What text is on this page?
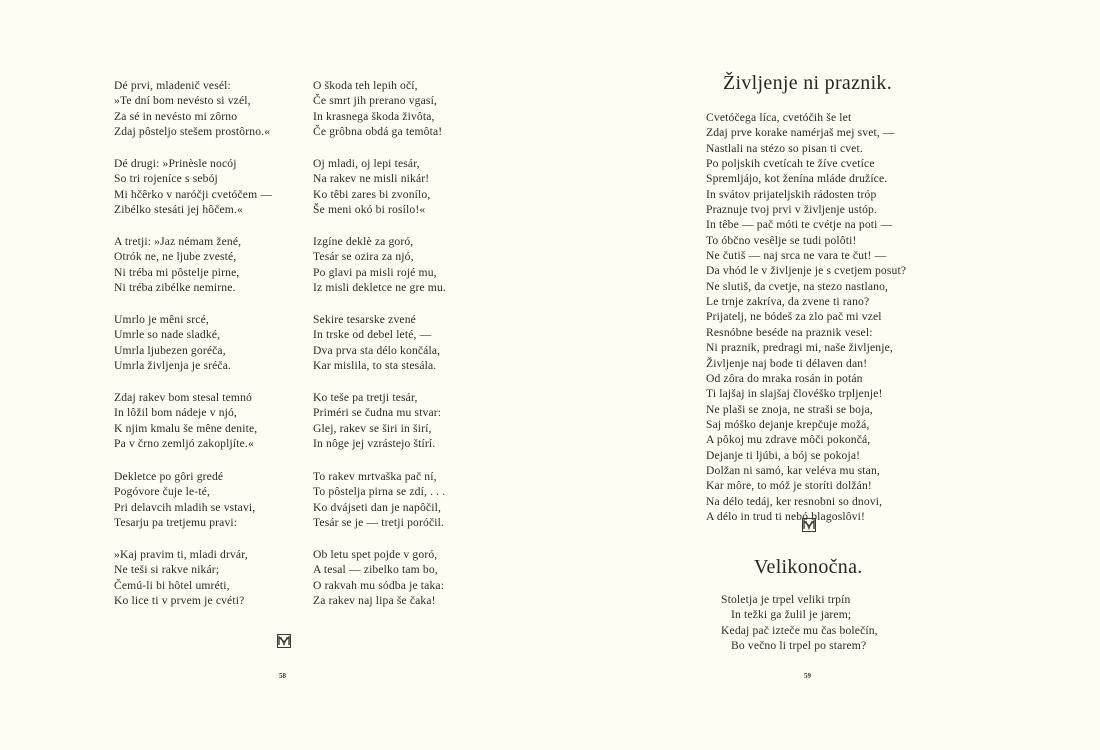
Dé prvi, mladenič vesél:
»Te dní bom nevésto si vzél,
Za sé in nevésto mi zôrno
Zdaj pôsteljo stešem prostôrno.«
Dé drugi: »Prinèsle nocój
So tri rojeníce s sebój
Mi hčêrko v naróčji cvetóčem —
Zibélko stesáti jej hôčem.«
A tretji: »Jaz némam žené,
Otrók ne, ne ljube zvesté,
Ni tréba mi pôstelje pirne,
Ni tréba zibélke nemirne.
Umrlo je mêni srcé,
Umrle so nade sladké,
Umrla ljubezen goréča,
Umrla življenja je sréča.
Zdaj rakev bom stesal temnó
In lôžil bom nádeje v njó,
K njim kmalu še mêne denite,
Pa v črno zemljó zakopljíte.«
Dekletce po gôri gredé
Pogóvore čuje le-té,
Pri delavcih mladih se vstavi,
Tesarju pa tretjemu pravi:
»Kaj pravim ti, mladi drvár,
Ne teši si rakve nikár;
Čemú-li bi hôtel umréti,
Ko lice ti v prvem je cvéti?
O škoda teh lepih očí,
Če smrt jih prerano vgasí,
In krasnega škoda živôta,
Če grôbna obdá ga temôta!
Oj mladi, oj lepi tesár,
Na rakev ne misli nikár!
Ko têbi zares bi zvonílo,
Še meni okó bi rosílo!«
Izgíne deklè za goró,
Tesár se ozira za njó,
Po glavi pa misli rojé mu,
Iz misli dekletce ne gre mu.
Sekire tesarske zvené
In trske od debel leté, —
Dva prva sta délo končála,
Kar mislila, to sta stesála.
Ko teše pa tretji tesár,
Priméri se čudna mu stvar:
Glej, rakev se širi in širí,
In nôge jej vzrástejo štírí.
To rakev mrtvaška pač ní,
To pôstelja pirna se zdí, . . .
Ko dvájseti dan je napôčil,
Tesár se je — tretji poróčil.
Ob letu spet pojde v goró,
A tesal — zibelko tam bo,
O rakvah mu sódba je taka:
Za rakev naj lipa še čaka!
58
Življenje ni praznik.
Cvetóčega líca, cvetóčih še let
Zdaj prve korake namérjaš mej svet, —
Nastlali na stézo so pisan ti cvet.
Po poljskih cvetícah te žíve cvetíce
Spremljájo, kot ženína mláde družíce.
In svátov prijateljskih rádosten tróp
Praznuje tvoj prvi v življenje ustóp.
In têbe — pač móti te cvétje na poti —
To óbčno vesêlje se tudi polôti!
Ne čutiš — naj srca ne vara te čut! —
Da vhód le v življenje je s cvetjem posut?
Ne slutiš, da cvetje, na stezo nastlano,
Le trnje zakríva, da zvene ti rano?
Prijatelj, ne bódeš za zlo pač mi vzel
Resnóbne beséde na praznik vesel:
Ni praznik, predragi mi, naše življenje,
Življenje naj bode ti délaven dan!
Od zôra do mraka rosán in potán
Ti lajšaj in slajšaj človéško trpljenje!
Ne plaši se znoja, ne straši se boja,
Saj móško dejanje krepčuje možá,
A pôkoj mu zdrave môči pokončá,
Dejanje ti ljúbi, a bój se pokoja!
Dolžan ni samó, kar veléva mu stan,
Kar môre, to móž je storíti dolžán!
Na délo tedáj, ker resnobni so dnovi,
A délo in trud ti nebó blagoslôvi!
Velikonočna.
Stoletja je trpel veliki trpín
In težki ga žulil je jarem;
Kedaj pač izteče mu čas bolečín,
Bo večno li trpel po starem?
59
